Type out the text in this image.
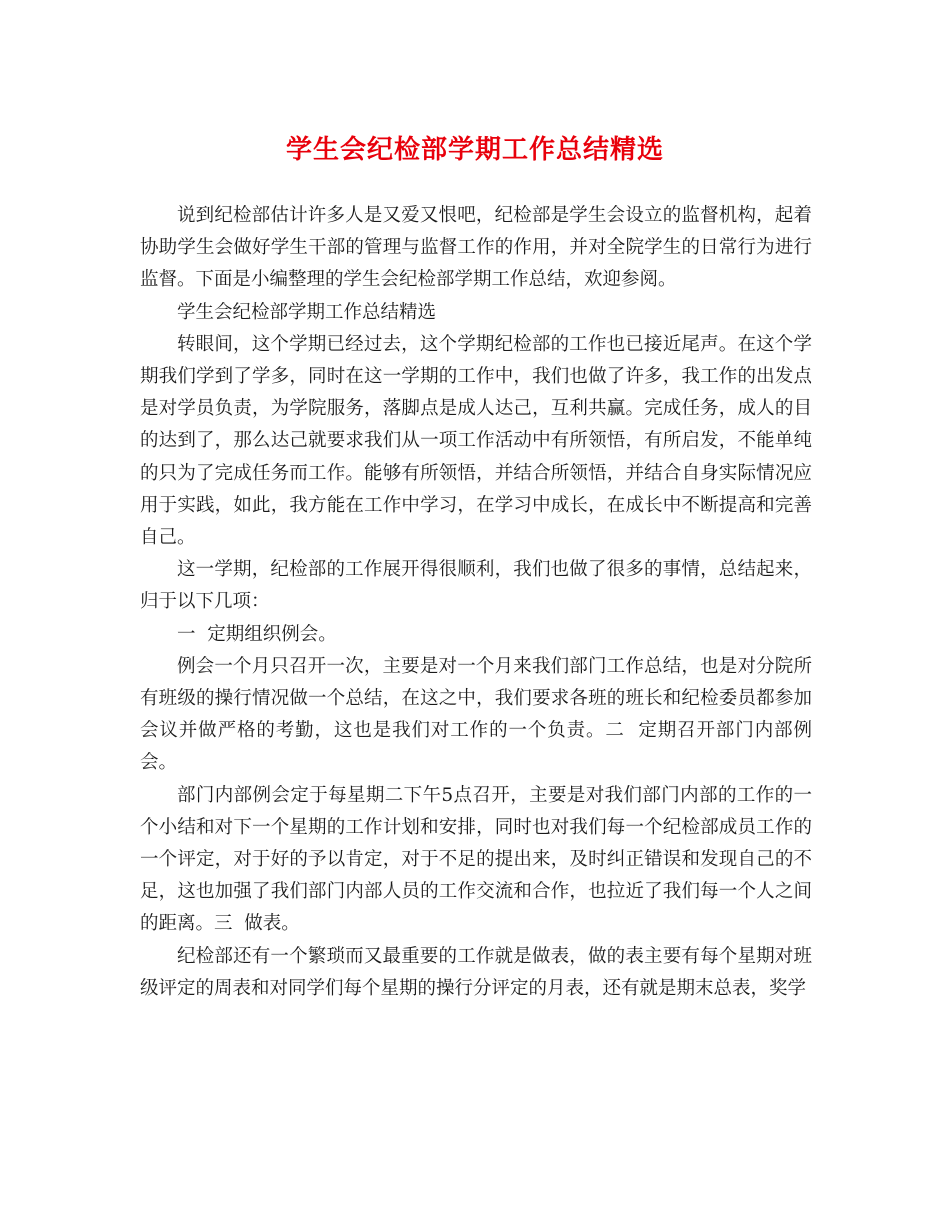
学生会纪检部学期工作总结精选

说到纪检部估计许多人是又爱又恨吧，纪检部是学生会设立的监督机构，起着协助学生会做好学生干部的管理与监督工作的作用，并对全院学生的日常行为进行监督。下面是小编整理的学生会纪检部学期工作总结，欢迎参阅。

学生会纪检部学期工作总结精选

转眼间，这个学期已经过去，这个学期纪检部的工作也已接近尾声。在这个学期我们学到了学多，同时在这一学期的工作中，我们也做了许多，我工作的出发点是对学员负责，为学院服务，落脚点是成人达己，互利共赢。完成任务，成人的目的达到了，那么达己就要求我们从一项工作活动中有所领悟，有所启发，不能单纯的只为了完成任务而工作。能够有所领悟，并结合所领悟，并结合自身实际情况应用于实践，如此，我方能在工作中学习，在学习中成长，在成长中不断提高和完善自己。

这一学期，纪检部的工作展开得很顺利，我们也做了很多的事情，总结起来，归于以下几项：

一  定期组织例会。

例会一个月只召开一次，主要是对一个月来我们部门工作总结，也是对分院所有班级的操行情况做一个总结，在这之中，我们要求各班的班长和纪检委员都参加会议并做严格的考勤，这也是我们对工作的一个负责。二  定期召开部门内部例会。

部门内部例会定于每星期二下午5点召开，主要是对我们部门内部的工作的一个小结和对下一个星期的工作计划和安排，同时也对我们每一个纪检部成员工作的一个评定，对于好的予以肯定，对于不足的提出来，及时纠正错误和发现自己的不足，这也加强了我们部门内部人员的工作交流和合作，也拉近了我们每一个人之间的距离。三  做表。

纪检部还有一个繁琐而又最重要的工作就是做表，做的表主要有每个星期对班级评定的周表和对同学们每个星期的操行分评定的月表，还有就是期末总表，奖学
